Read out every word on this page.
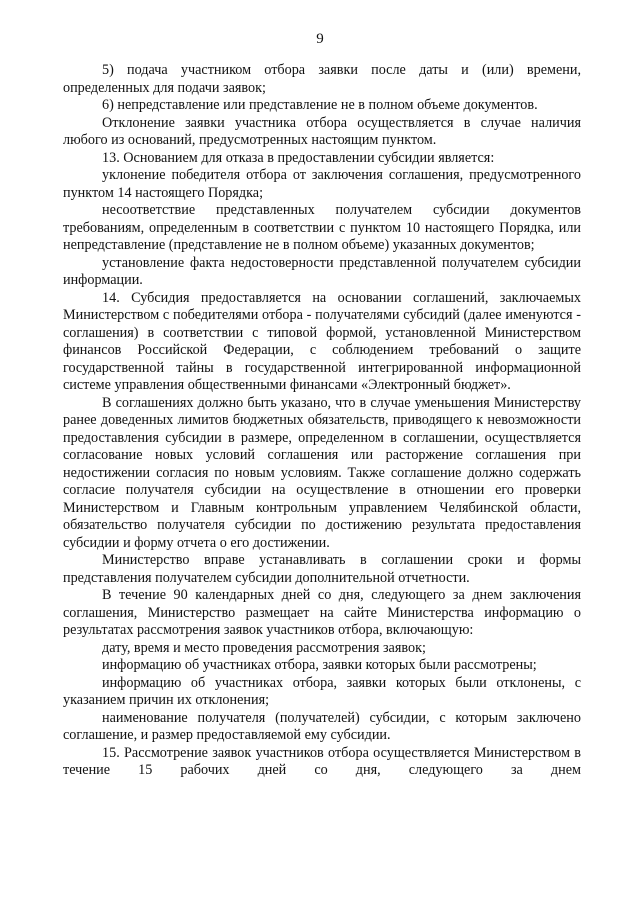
9

5) подача участником отбора заявки после даты и (или) времени, определенных для подачи заявок;

6) непредставление или представление не в полном объеме документов.

Отклонение заявки участника отбора осуществляется в случае наличия любого из оснований, предусмотренных настоящим пунктом.

13. Основанием для отказа в предоставлении субсидии является:

уклонение победителя отбора от заключения соглашения, предусмотренного пунктом 14 настоящего Порядка;

несоответствие представленных получателем субсидии документов требованиям, определенным в соответствии с пунктом 10 настоящего Порядка, или непредставление (представление не в полном объеме) указанных документов;

установление факта недостоверности представленной получателем субсидии информации.

14. Субсидия предоставляется на основании соглашений, заключаемых Министерством с победителями отбора - получателями субсидий (далее именуются - соглашения) в соответствии с типовой формой, установленной Министерством финансов Российской Федерации, с соблюдением требований о защите государственной тайны в государственной интегрированной информационной системе управления общественными финансами «Электронный бюджет».

В соглашениях должно быть указано, что в случае уменьшения Министерству ранее доведенных лимитов бюджетных обязательств, приводящего к невозможности предоставления субсидии в размере, определенном в соглашении, осуществляется согласование новых условий соглашения или расторжение соглашения при недостижении согласия по новым условиям. Также соглашение должно содержать согласие получателя субсидии на осуществление в отношении его проверки Министерством и Главным контрольным управлением Челябинской области, обязательство получателя субсидии по достижению результата предоставления субсидии и форму отчета о его достижении.

Министерство вправе устанавливать в соглашении сроки и формы представления получателем субсидии дополнительной отчетности.

В течение 90 календарных дней со дня, следующего за днем заключения соглашения, Министерство размещает на сайте Министерства информацию о результатах рассмотрения заявок участников отбора, включающую:

дату, время и место проведения рассмотрения заявок;

информацию об участниках отбора, заявки которых были рассмотрены;

информацию об участниках отбора, заявки которых были отклонены, с указанием причин их отклонения;

наименование получателя (получателей) субсидии, с которым заключено соглашение, и размер предоставляемой ему субсидии.

15. Рассмотрение заявок участников отбора осуществляется Министерством в течение 15 рабочих дней со дня, следующего за днем
